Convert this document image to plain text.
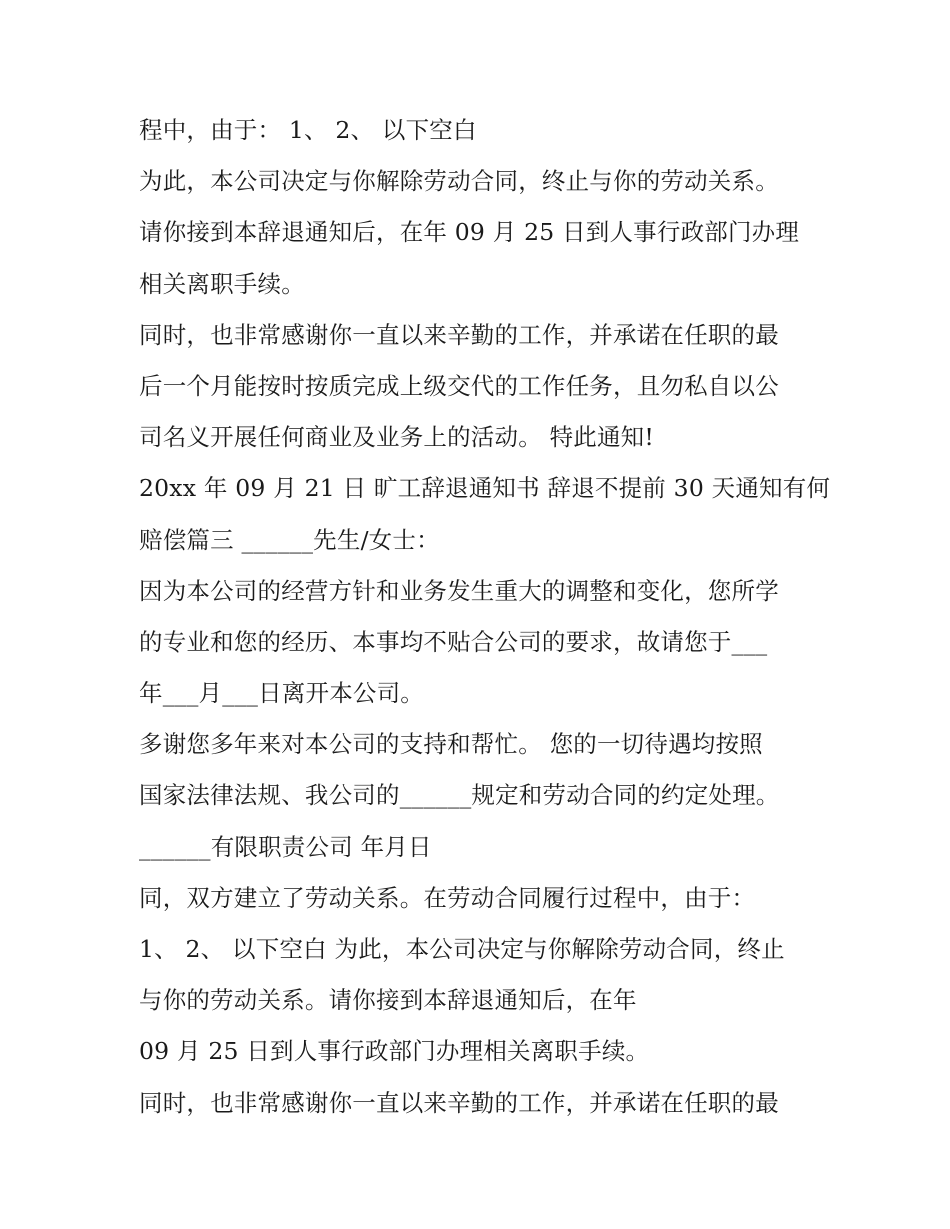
程中，由于： 1、 2、 以下空白
为此，本公司决定与你解除劳动合同，终止与你的劳动关系。
请你接到本辞退通知后，在年 09 月 25 日到人事行政部门办理
相关离职手续。
同时，也非常感谢你一直以来辛勤的工作，并承诺在任职的最
后一个月能按时按质完成上级交代的工作任务，且勿私自以公
司名义开展任何商业及业务上的活动。 特此通知!
20xx 年 09 月 21 日 旷工辞退通知书 辞退不提前 30 天通知有何
赔偿篇三 ______先生/女士：
因为本公司的经营方针和业务发生重大的调整和变化，您所学
的专业和您的经历、本事均不贴合公司的要求，故请您于___
年___月___日离开本公司。
多谢您多年来对本公司的支持和帮忙。 您的一切待遇均按照
国家法律法规、我公司的______规定和劳动合同的约定处理。
______有限职责公司 年月日
同，双方建立了劳动关系。在劳动合同履行过程中，由于：
1、 2、 以下空白 为此，本公司决定与你解除劳动合同，终止
与你的劳动关系。请你接到本辞退通知后，在年
09 月 25 日到人事行政部门办理相关离职手续。
同时，也非常感谢你一直以来辛勤的工作，并承诺在任职的最
